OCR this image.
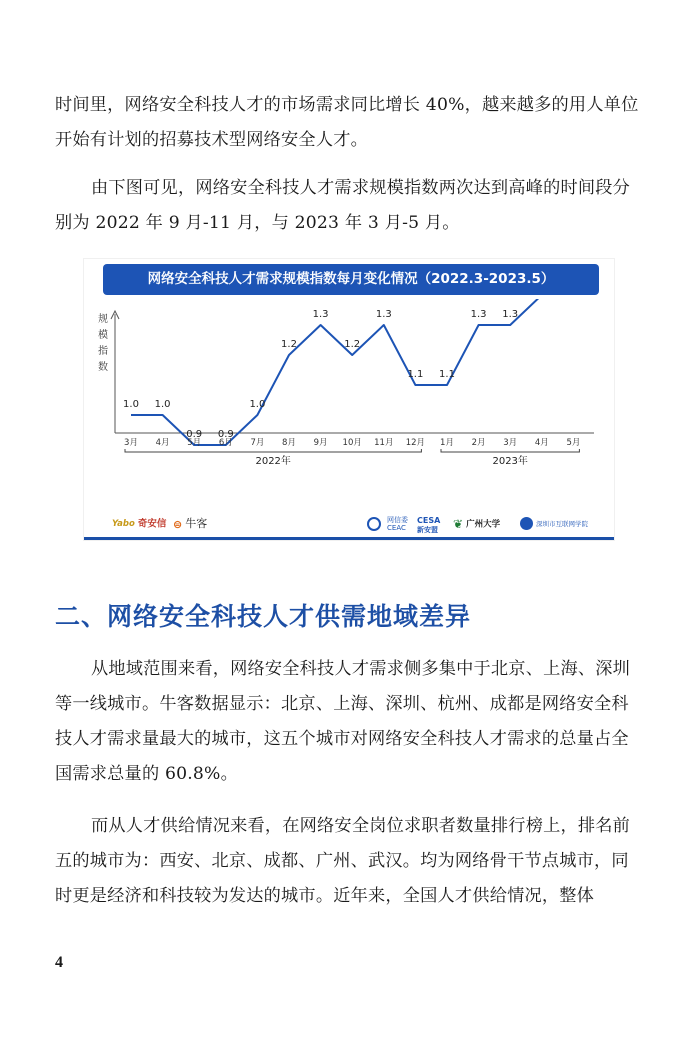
时间里，网络安全科技人才的市场需求同比增长 40%，越来越多的用人单位开始有计划的招募技术型网络安全人才。

由下图可见，网络安全科技人才需求规模指数两次达到高峰的时间段分别为 2022 年 9 月-11 月，与 2023 年 3 月-5 月。

网络安全科技人才需求规模指数每月变化情况（2022.3-2023.5）
规模指数
1.0 1.0
0.9 0.9
1.0
1.2
1.3
1.2
1.3
1.1 1.1
1.3 1.3
3月 4月 5月 6月 7月 8月 9月 10月 11月 12月 1月 2月 3月 4月 5月
2022年	2023年
Yabo 奇安信 ⊜ 牛客	网信委
CEAC
CESA
新安盟 ❦ 广州大学	深圳市互联网学院
二、网络安全科技人才供需地域差异

从地域范围来看，网络安全科技人才需求侧多集中于北京、上海、深圳等一线城市。牛客数据显示：北京、上海、深圳、杭州、成都是网络安全科技人才需求量最大的城市，这五个城市对网络安全科技人才需求的总量占全国需求总量的 60.8%。

而从人才供给情况来看，在网络安全岗位求职者数量排行榜上，排名前五的城市为：西安、北京、成都、广州、武汉。均为网络骨干节点城市，同时更是经济和科技较为发达的城市。近年来，全国人才供给情况，整体

4
